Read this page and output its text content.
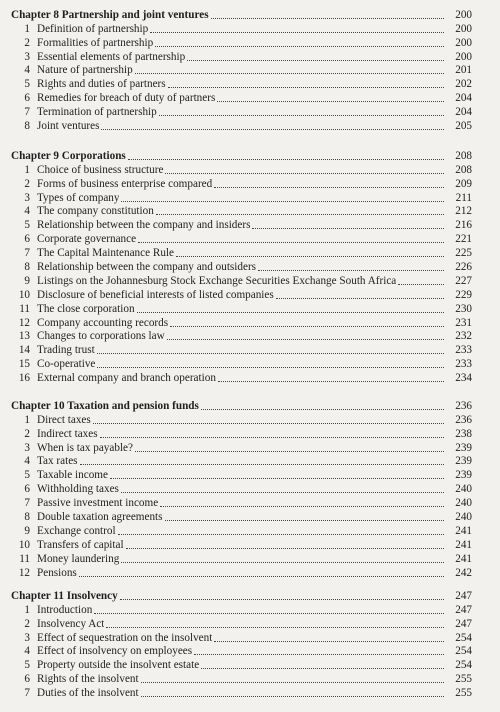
Chapter 8 Partnership and joint ventures	200
1 Definition of partnership	200
2 Formalities of partnership	200
3 Essential elements of partnership	200
4 Nature of partnership	201
5 Rights and duties of partners	202
6 Remedies for breach of duty of partners	204
7 Termination of partnership	204
8 Joint ventures	205
Chapter 9 Corporations	208
1 Choice of business structure	208
2 Forms of business enterprise compared	209
3 Types of company	211
4 The company constitution	212
5 Relationship between the company and insiders	216
6 Corporate governance	221
7 The Capital Maintenance Rule	225
8 Relationship between the company and outsiders	226
9 Listings on the Johannesburg Stock Exchange Securities Exchange South Africa	227
10 Disclosure of beneficial interests of listed companies	229
11 The close corporation	230
12 Company accounting records	231
13 Changes to corporations law	232
14 Trading trust	233
15 Co-operative	233
16 External company and branch operation	234
Chapter 10 Taxation and pension funds	236
1 Direct taxes	236
2 Indirect taxes	238
3 When is tax payable?	239
4 Tax rates	239
5 Taxable income	239
6 Withholding taxes	240
7 Passive investment income	240
8 Double taxation agreements	240
9 Exchange control	241
10 Transfers of capital	241
11 Money laundering	241
12 Pensions	242
Chapter 11 Insolvency	247
1 Introduction	247
2 Insolvency Act	247
3 Effect of sequestration on the insolvent	254
4 Effect of insolvency on employees	254
5 Property outside the insolvent estate	254
6 Rights of the insolvent	255
7 Duties of the insolvent	255
